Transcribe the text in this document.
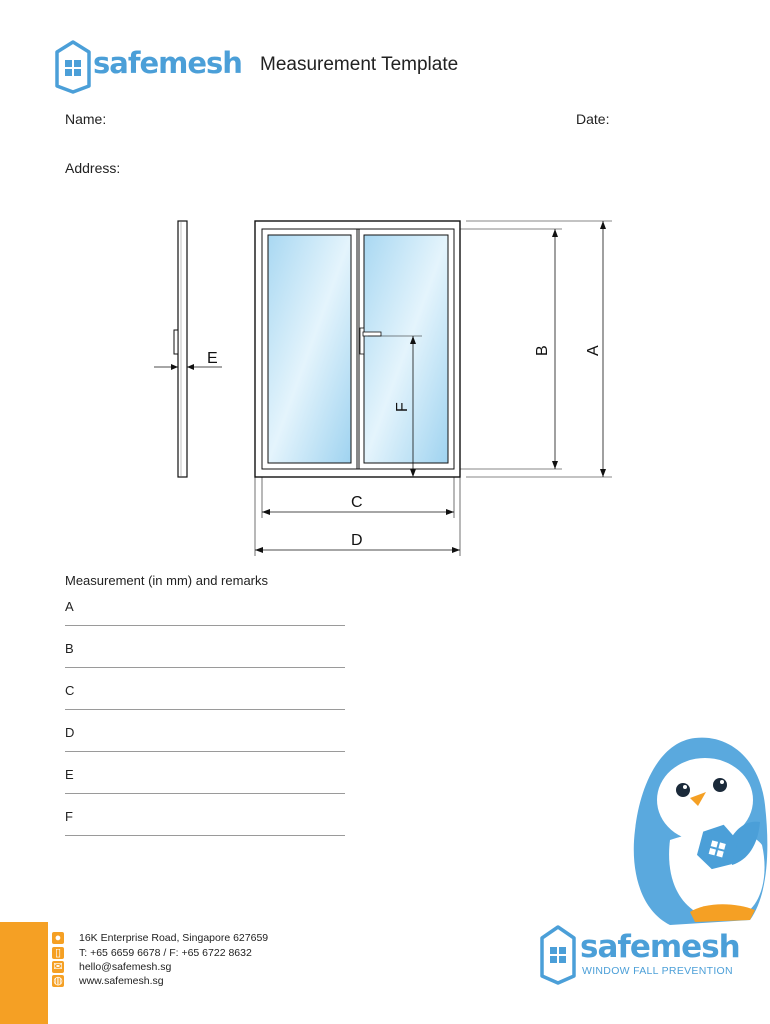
safemesh Measurement Template
Name:	Date:
Address:
E
C
D
F
B A
Measurement (in mm) and remarks
A
B
C
D
E
F
● 16K Enterprise Road, Singapore 627659
▯ T: +65 6659 6678 / F: +65 6722 8632
✉ hello@safemesh.sg
◍ www.safemesh.sg
safemesh
WINDOW FALL PREVENTION
